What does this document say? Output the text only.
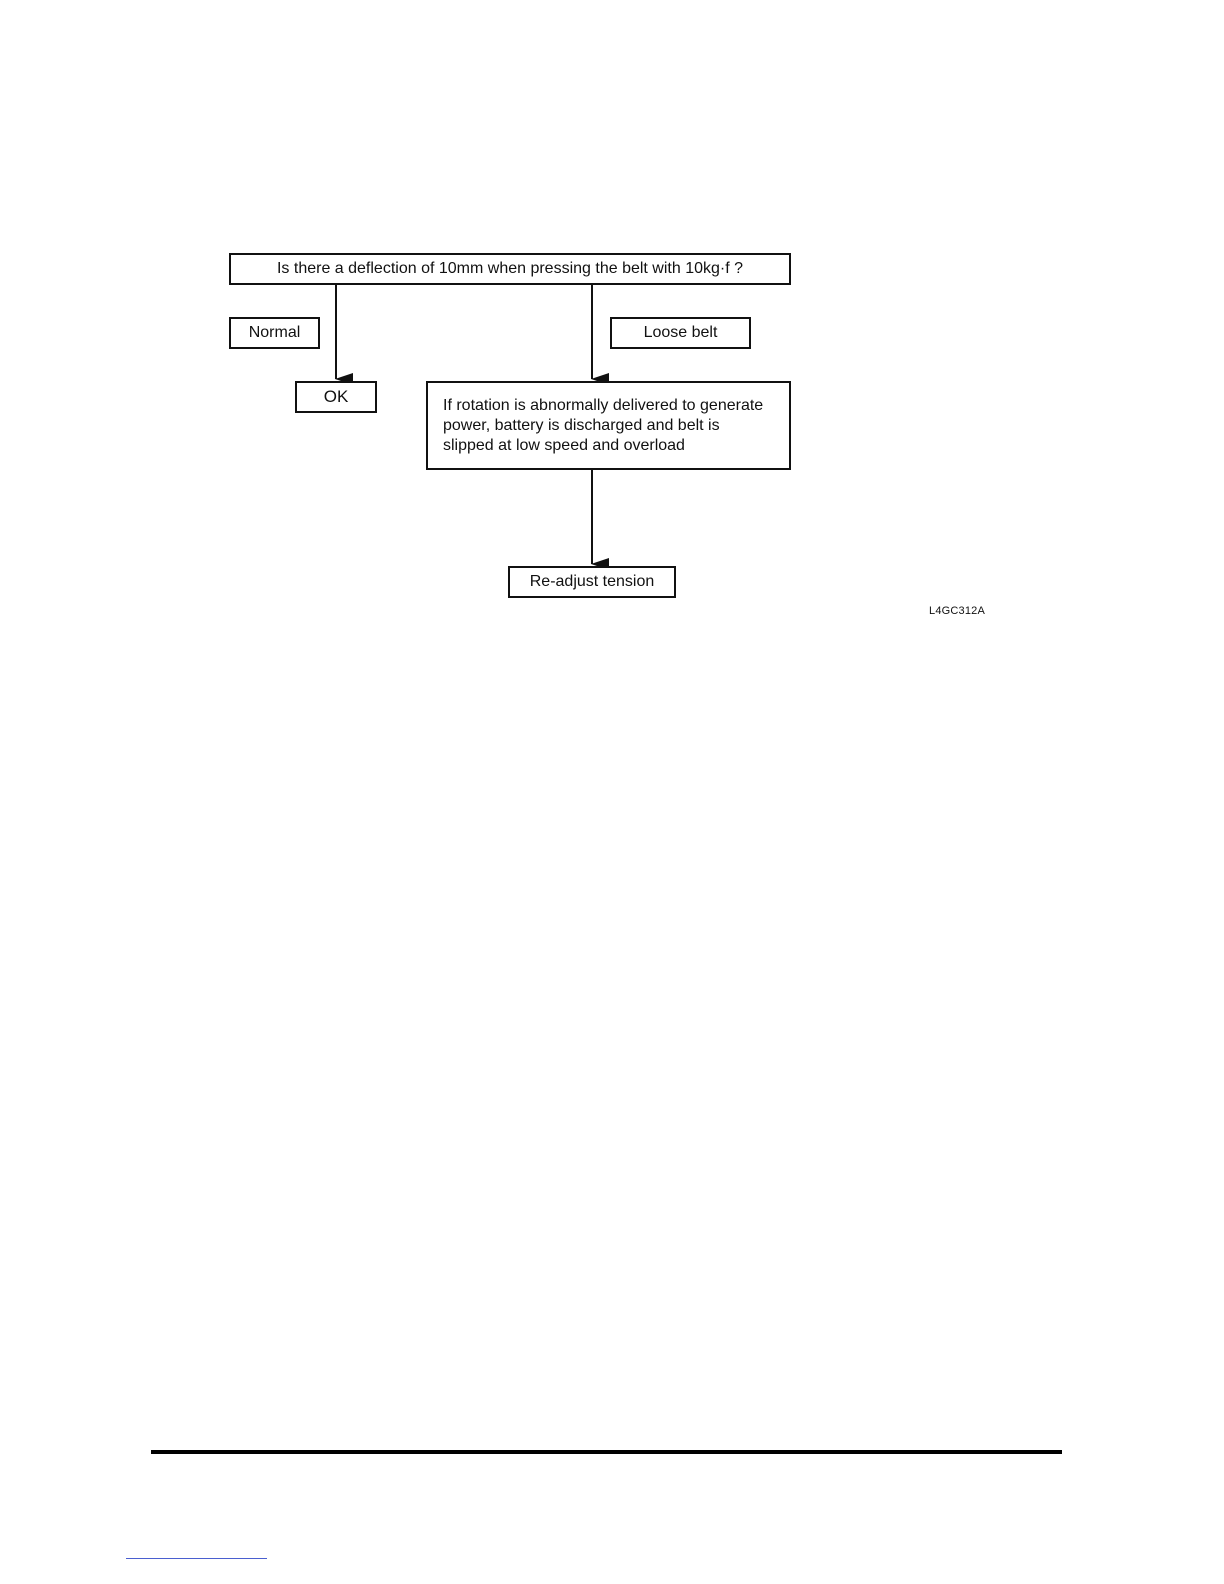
Is there a deflection of 10mm when pressing the belt with 10kg·f ?
Normal	Loose belt
OK	If rotation is abnormally delivered to generate
power, battery is discharged and belt is
slipped at low speed and overload
Re-adjust tension
L4GC312A
